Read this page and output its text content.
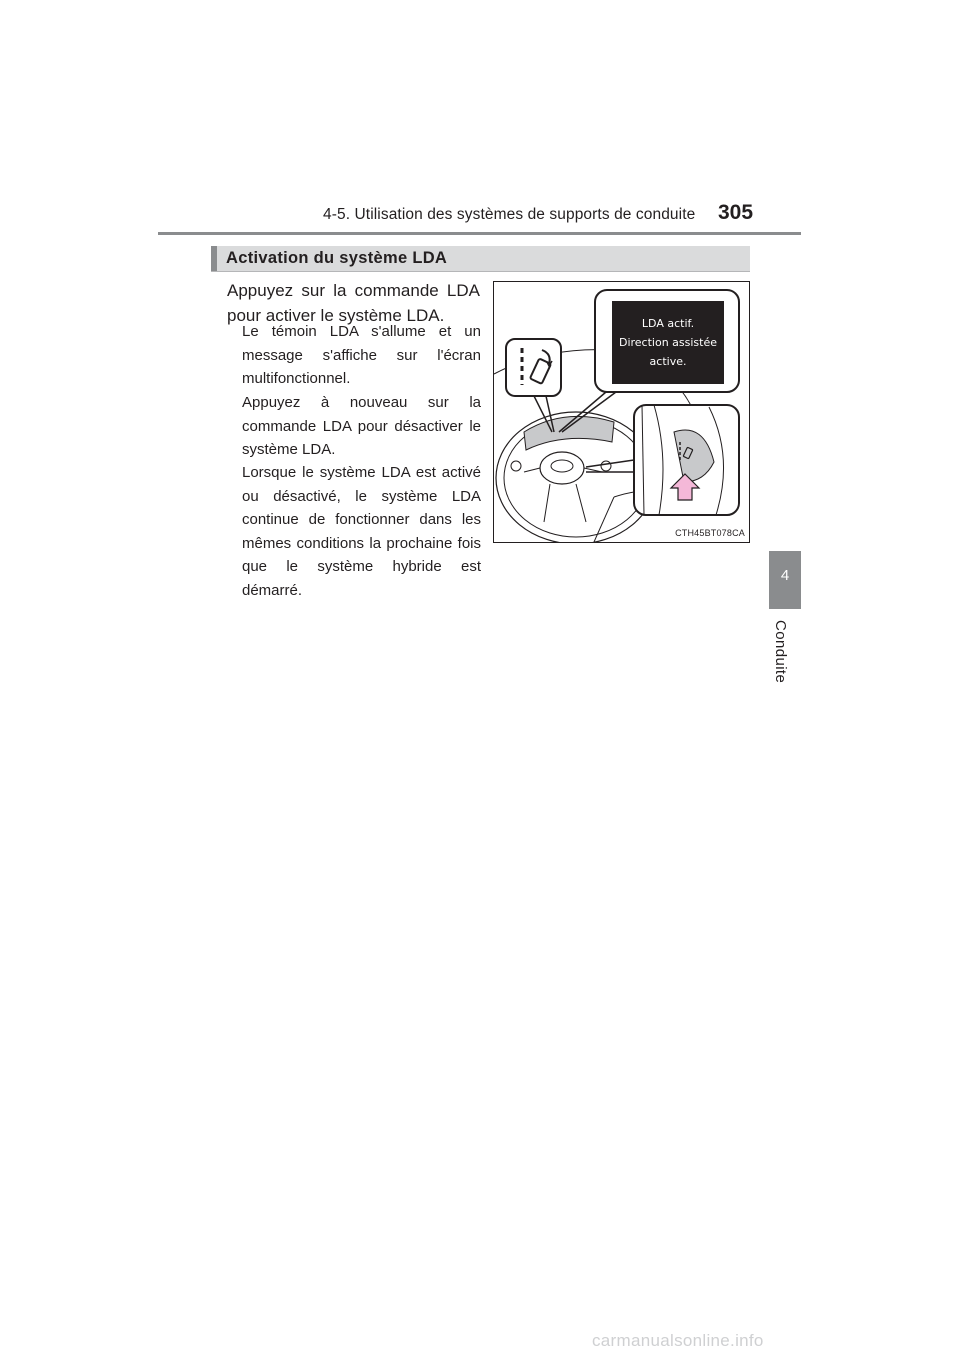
4-5. Utilisation des systèmes de supports de conduite 305
Activation du système LDA
Appuyez sur la commande LDA pour activer le système LDA.
Le témoin LDA s'allume et un message s'affiche sur l'écran multifonctionnel.
Appuyez à nouveau sur la commande LDA pour désactiver le système LDA.
Lorsque le système LDA est activé ou désactivé, le système LDA continue de fonctionner dans les mêmes conditions la prochaine fois que le système hybride est démarré.
LDA actif.
Direction assistée
active.
CTH45BT078CA
4
Conduite
carmanualsonline.info
